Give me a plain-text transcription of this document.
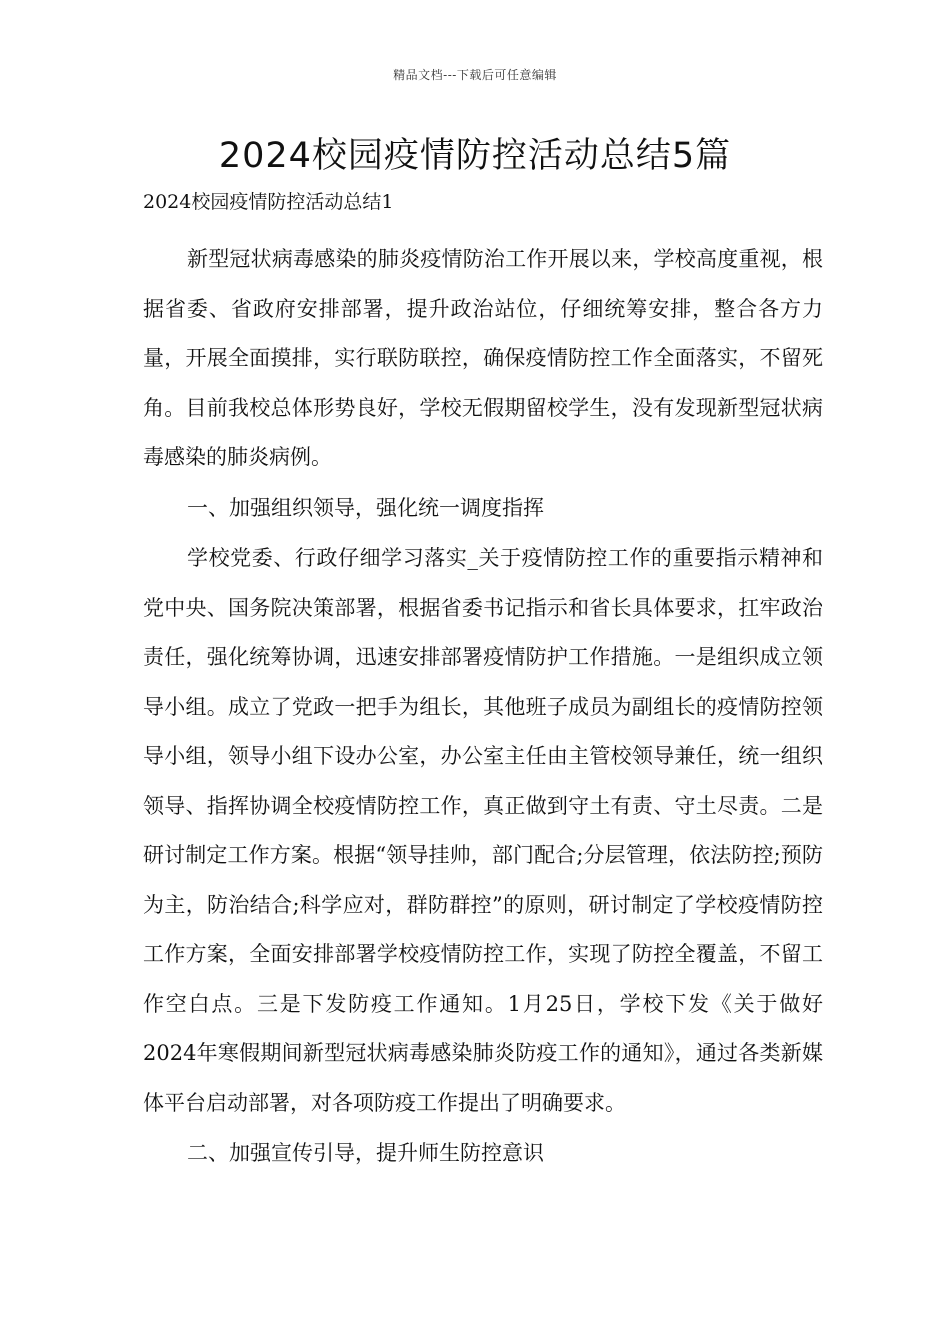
精品文档---下载后可任意编辑
2024校园疫情防控活动总结5篇
2024校园疫情防控活动总结1

新型冠状病毒感染的肺炎疫情防治工作开展以来，学校高度重视，根据省委、省政府安排部署，提升政治站位，仔细统筹安排，整合各方力量，开展全面摸排，实行联防联控，确保疫情防控工作全面落实，不留死角。目前我校总体形势良好，学校无假期留校学生，没有发现新型冠状病毒感染的肺炎病例。

一、加强组织领导，强化统一调度指挥

学校党委、行政仔细学习落实_关于疫情防控工作的重要指示精神和党中央、国务院决策部署，根据省委书记指示和省长具体要求，扛牢政治责任，强化统筹协调，迅速安排部署疫情防护工作措施。一是组织成立领导小组。成立了党政一把手为组长，其他班子成员为副组长的疫情防控领导小组，领导小组下设办公室，办公室主任由主管校领导兼任，统一组织领导、指挥协调全校疫情防控工作，真正做到守土有责、守土尽责。二是研讨制定工作方案。根据“领导挂帅，部门配合;分层管理，依法防控;预防为主，防治结合;科学应对，群防群控”的原则，研讨制定了学校疫情防控工作方案，全面安排部署学校疫情防控工作，实现了防控全覆盖，不留工作空白点。三是下发防疫工作通知。1月25日，学校下发《关于做好2024年寒假期间新型冠状病毒感染肺炎防疫工作的通知》，通过各类新媒体平台启动部署，对各项防疫工作提出了明确要求。

二、加强宣传引导，提升师生防控意识
